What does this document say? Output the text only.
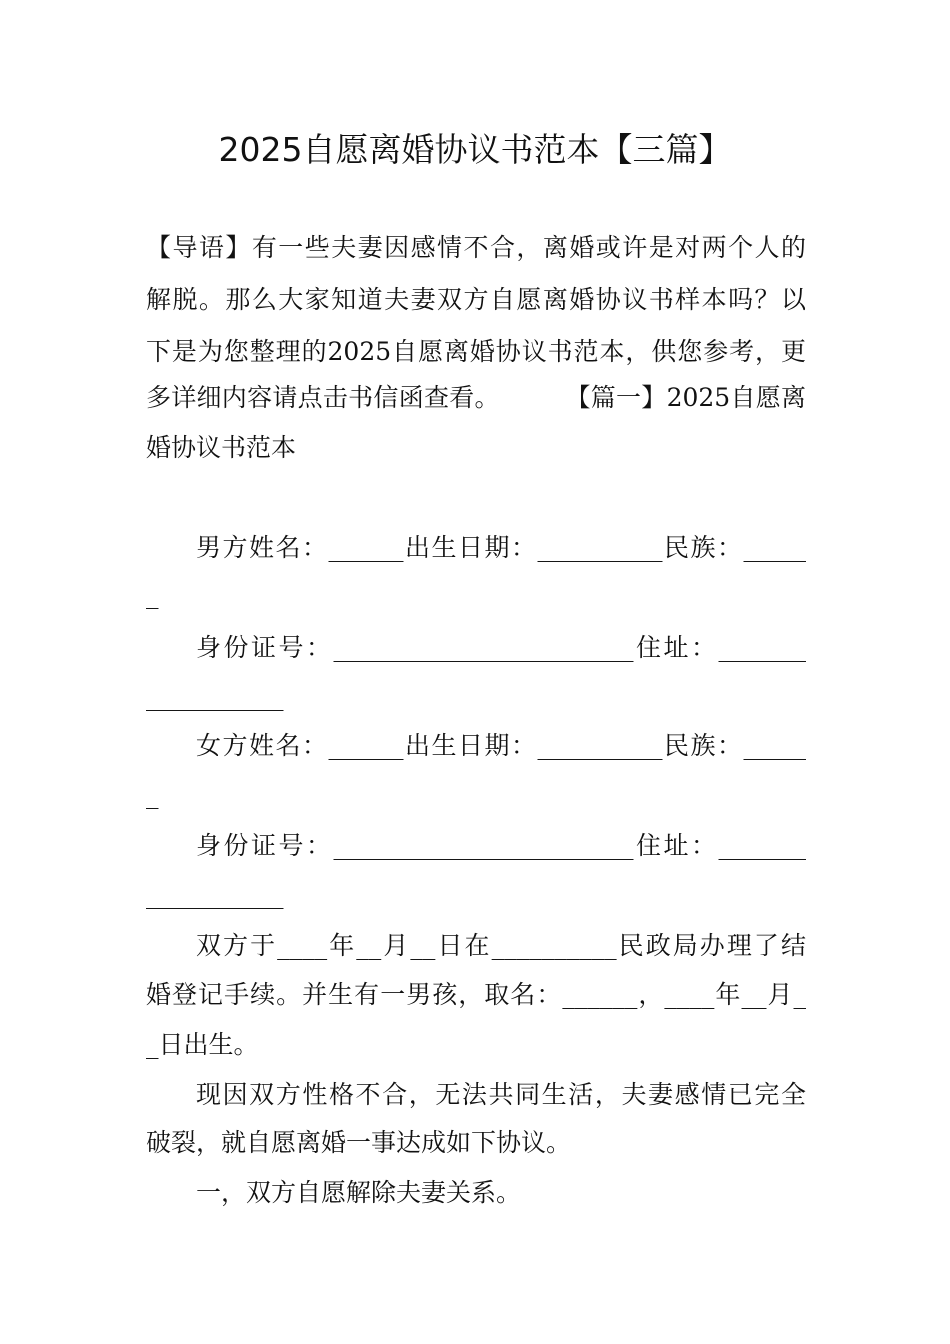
2025自愿离婚协议书范本【三篇】
【导语】有一些夫妻因感情不合，离婚或许是对两个人的
解脱。那么大家知道夫妻双方自愿离婚协议书样本吗？以
下是为您整理的2025自愿离婚协议书范本，供您参考，更
多详细内容请点击书信函查看。        【篇一】2025自愿离
婚协议书范本
男方姓名：______出生日期：__________民族：_____
_
身份证号：________________________住址：_______
___________
女方姓名：______出生日期：__________民族：_____
_
身份证号：________________________住址：_______
___________
双方于____年__月__日在__________民政局办理了结
婚登记手续。并生有一男孩，取名：______，____年__月_
_日出生。
现因双方性格不合，无法共同生活，夫妻感情已完全
破裂，就自愿离婚一事达成如下协议。
一，双方自愿解除夫妻关系。
